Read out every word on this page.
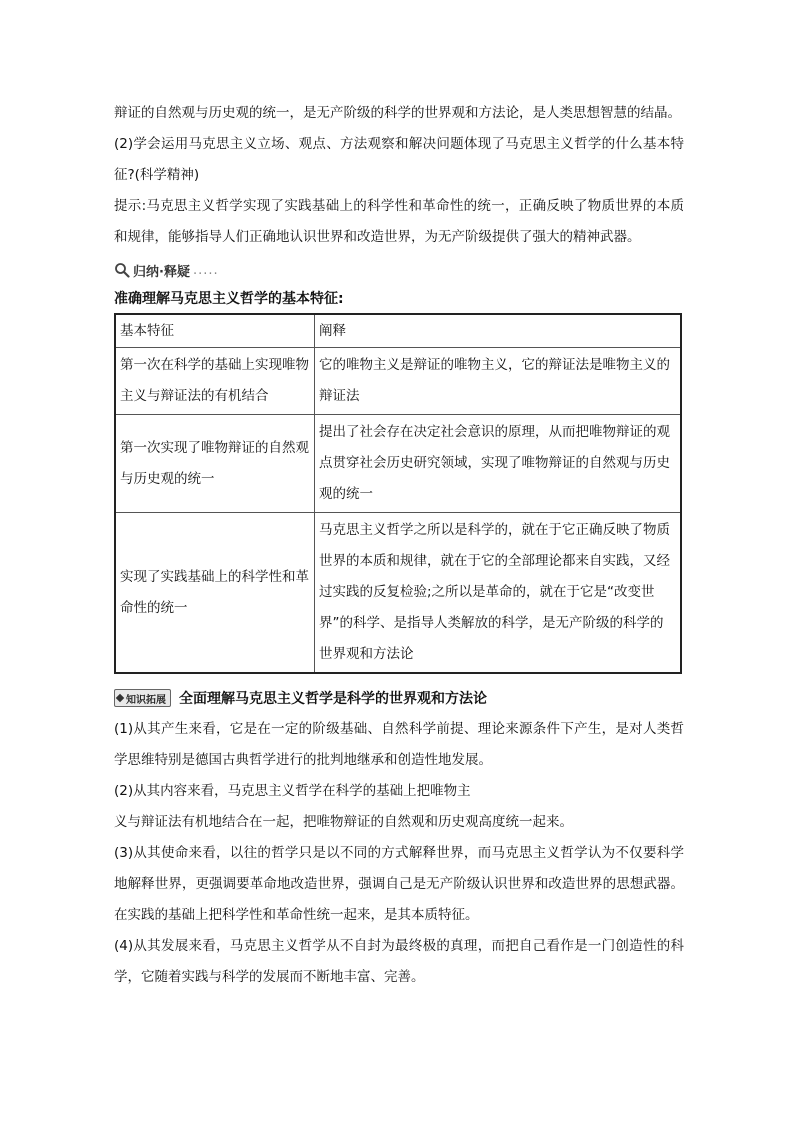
辩证的自然观与历史观的统一，是无产阶级的科学的世界观和方法论，是人类思想智慧的结晶。

(2)学会运用马克思主义立场、观点、方法观察和解决问题体现了马克思主义哲学的什么基本特征?(科学精神)

提示:马克思主义哲学实现了实践基础上的科学性和革命性的统一，正确反映了物质世界的本质和规律，能够指导人们正确地认识世界和改造世界，为无产阶级提供了强大的精神武器。

归纳·释疑 .....

准确理解马克思主义哲学的基本特征:

基本特征	阐释
第一次在科学的基础上实现唯物主义与辩证法的有机结合	它的唯物主义是辩证的唯物主义，它的辩证法是唯物主义的辩证法
第一次实现了唯物辩证的自然观与历史观的统一	提出了社会存在决定社会意识的原理，从而把唯物辩证的观点贯穿社会历史研究领域，实现了唯物辩证的自然观与历史观的统一
实现了实践基础上的科学性和革命性的统一	马克思主义哲学之所以是科学的，就在于它正确反映了物质世界的本质和规律，就在于它的全部理论都来自实践，又经过实践的反复检验;之所以是革命的，就在于它是“改变世界”的科学、是指导人类解放的科学，是无产阶级的科学的世界观和方法论
知识拓展 全面理解马克思主义哲学是科学的世界观和方法论

(1)从其产生来看，它是在一定的阶级基础、自然科学前提、理论来源条件下产生，是对人类哲学思维特别是德国古典哲学进行的批判地继承和创造性地发展。

(2)从其内容来看，马克思主义哲学在科学的基础上把唯物主

义与辩证法有机地结合在一起，把唯物辩证的自然观和历史观高度统一起来。

(3)从其使命来看，以往的哲学只是以不同的方式解释世界，而马克思主义哲学认为不仅要科学地解释世界，更强调要革命地改造世界，强调自己是无产阶级认识世界和改造世界的思想武器。在实践的基础上把科学性和革命性统一起来，是其本质特征。

(4)从其发展来看，马克思主义哲学从不自封为最终极的真理，而把自己看作是一门创造性的科学，它随着实践与科学的发展而不断地丰富、完善。
